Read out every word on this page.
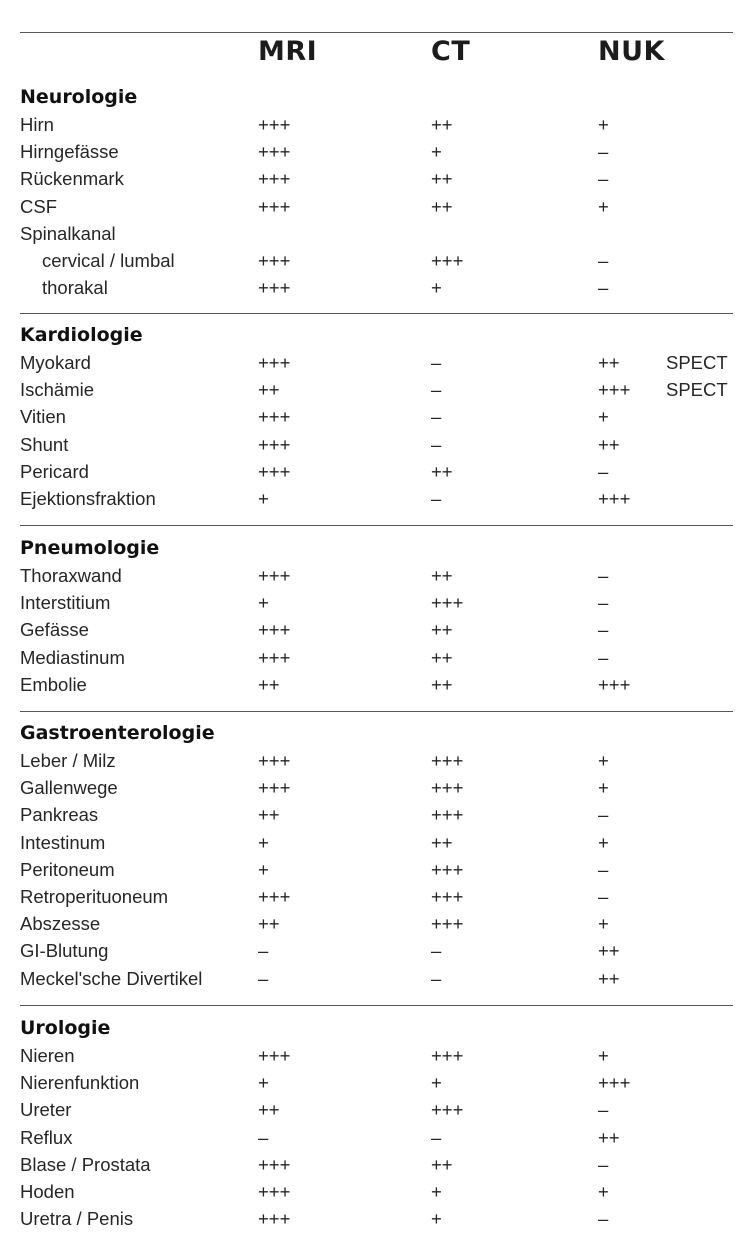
MRI	CT	NUK
Neurologie
Hirn	+++	++	+
Hirngefässe	+++	+	–
Rückenmark	+++	++	–
CSF	+++	++	+
Spinalkanal
cervical / lumbal	+++	+++	–
thorakal	+++	+	–
Kardiologie
Myokard	+++	–	++	SPECT
Ischämie	++	–	+++ SPECT
Vitien	+++	–	+
Shunt	+++	–	++
Pericard	+++	++	–
Ejektionsfraktion	+	–	+++
Pneumologie
Thoraxwand	+++	++	–
Interstitium	+	+++	–
Gefässe	+++	++	–
Mediastinum	+++	++	–
Embolie	++	++	+++
Gastroenterologie
Leber / Milz	+++	+++	+
Gallenwege	+++	+++	+
Pankreas	++	+++	–
Intestinum	+	++	+
Peritoneum	+	+++	–
Retroperituoneum	+++	+++	–
Abszesse	++	+++	+
GI-Blutung	–	–	++
Meckel'sche Divertikel	–	–	++
Urologie
Nieren	+++	+++	+
Nierenfunktion	+	+	+++
Ureter	++	+++	–
Reflux	–	–	++
Blase / Prostata	+++	++	–
Hoden	+++	+	+
Uretra / Penis	+++	+	–
